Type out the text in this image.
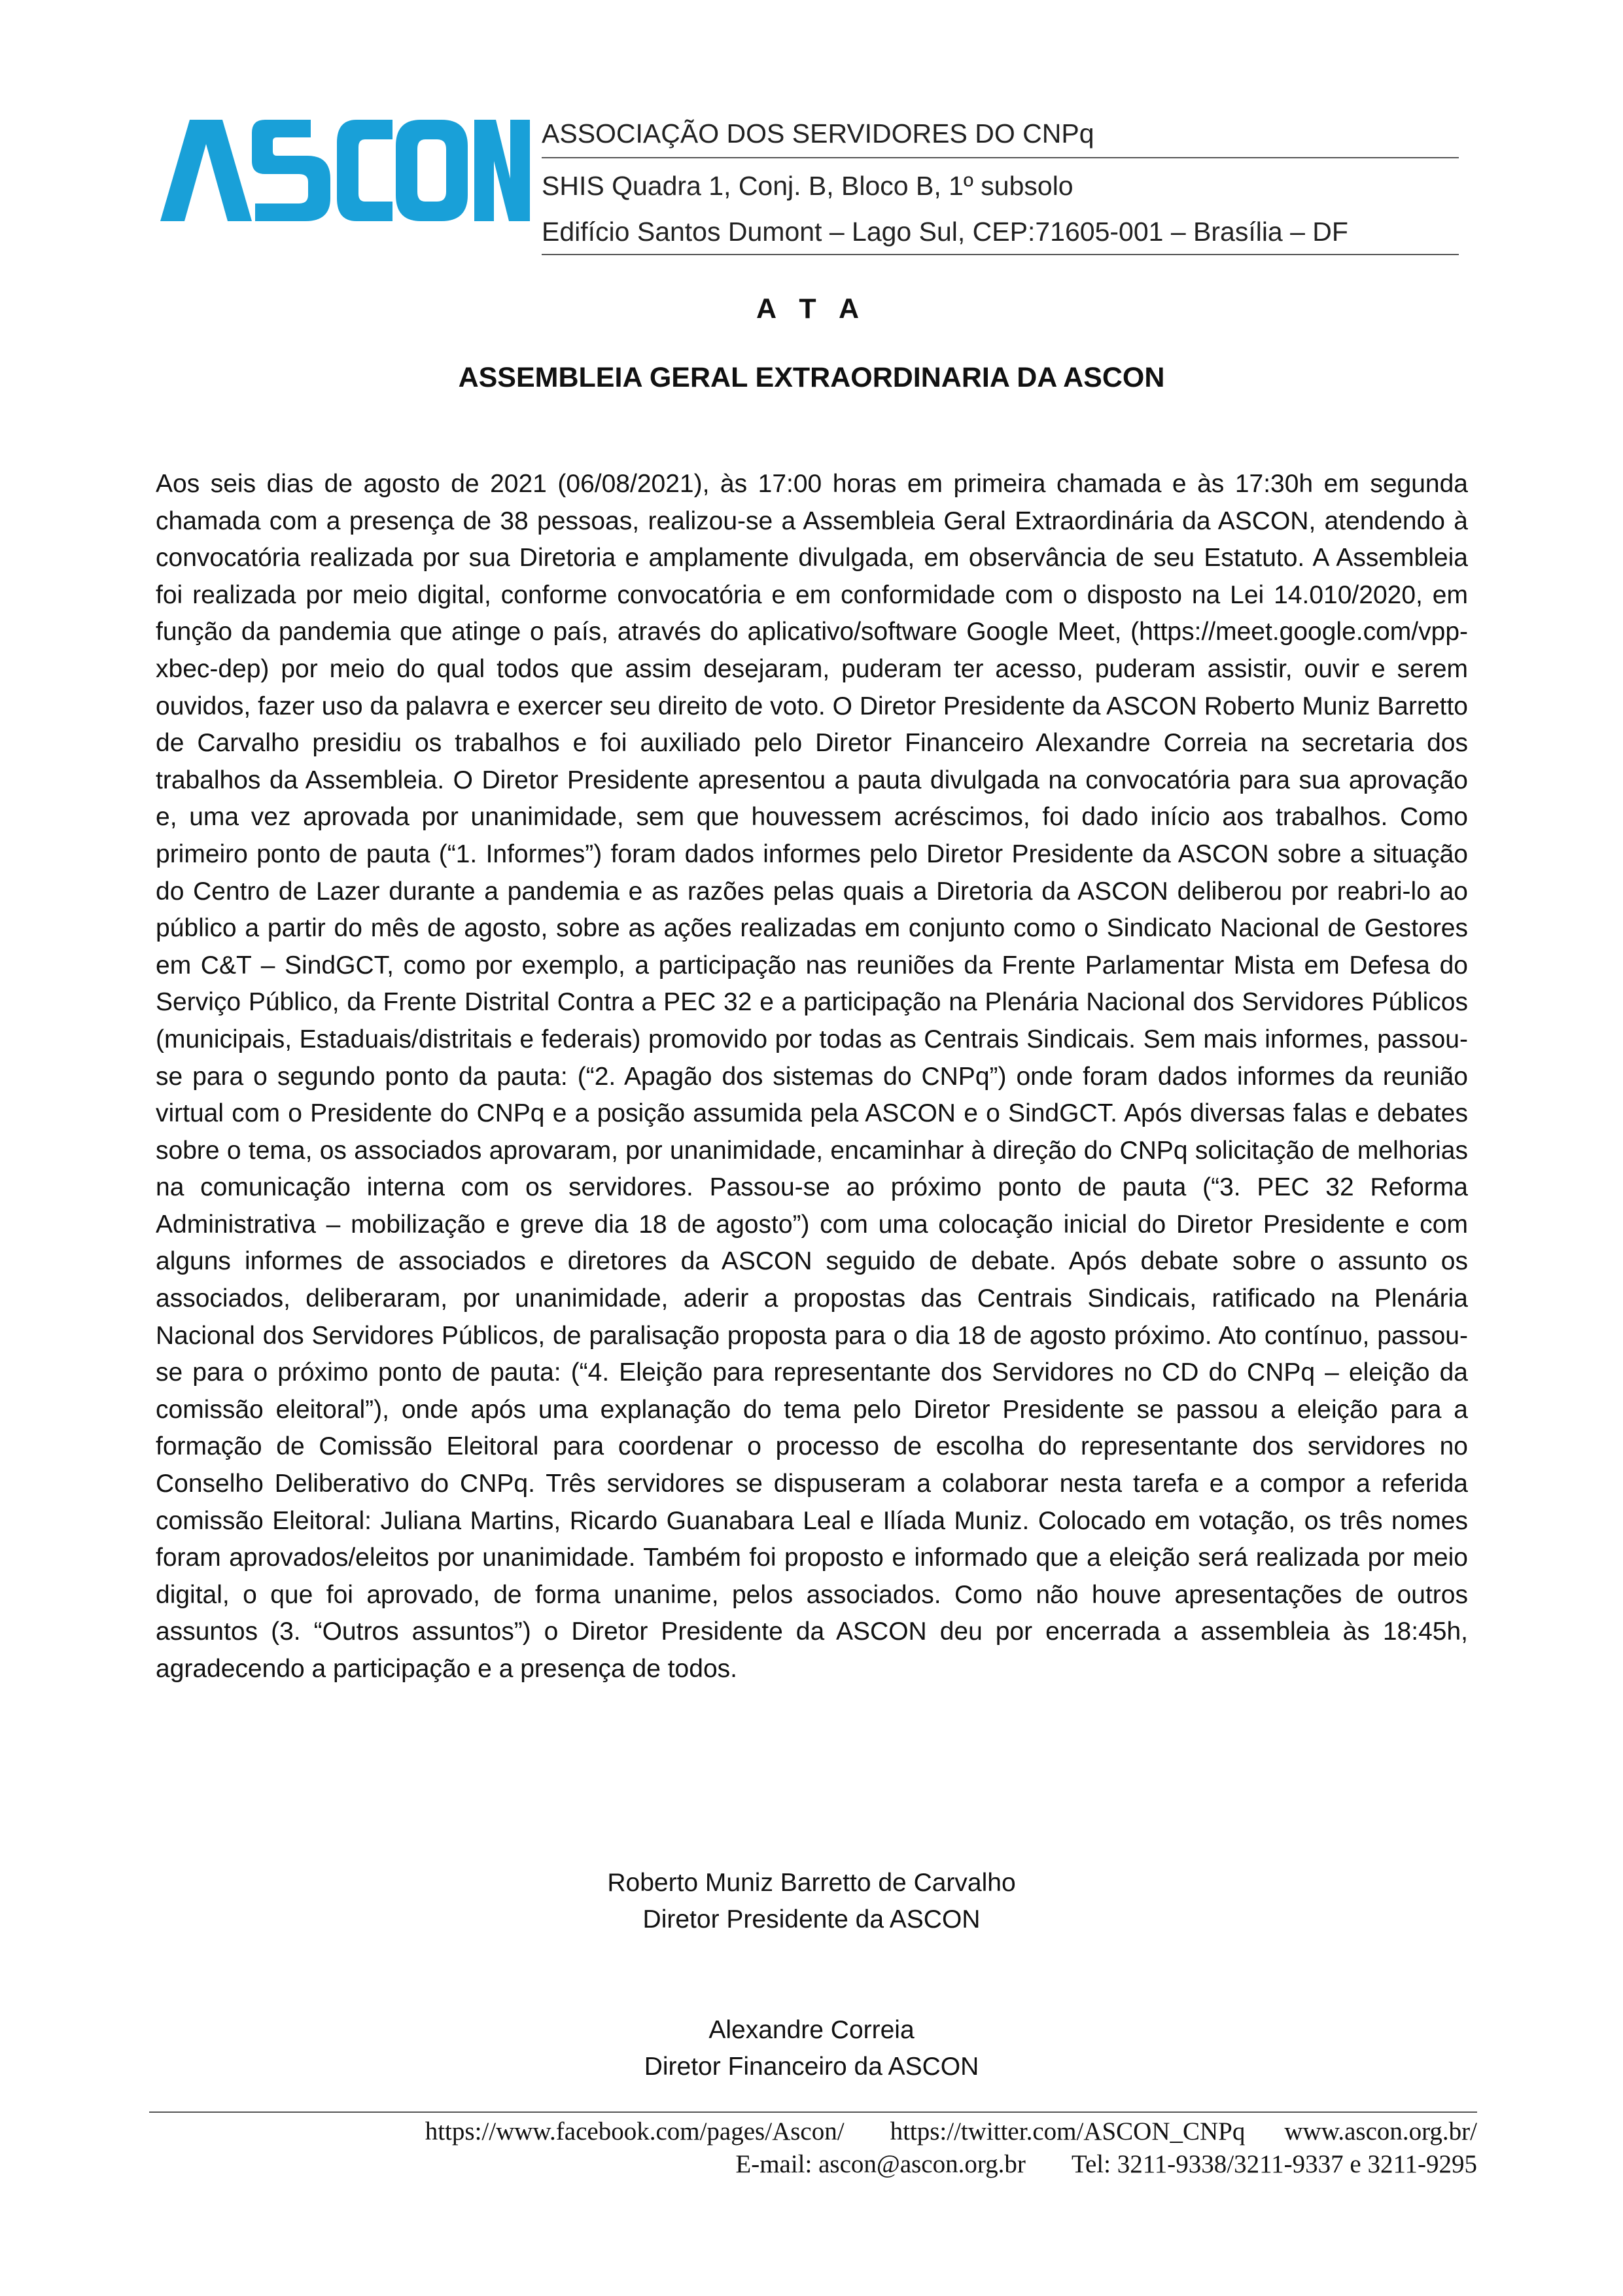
ASSOCIAÇÃO DOS SERVIDORES DO CNPq
SHIS Quadra 1, Conj. B, Bloco B, 1º subsolo
Edifício Santos Dumont – Lago Sul, CEP:71605-001 – Brasília – DF
A T A
ASSEMBLEIA GERAL EXTRAORDINARIA DA ASCON

Aos seis dias de agosto de 2021 (06/08/2021), às 17:00 horas em primeira chamada e às 17:30h em segunda chamada com a presença de 38 pessoas, realizou-se a Assembleia Geral Extraordinária da ASCON, atendendo à convocatória realizada por sua Diretoria e amplamente divulgada, em observância de seu Estatuto. A Assembleia foi realizada por meio digital, conforme convocatória e em conformidade com o disposto na Lei 14.010/2020, em função da pandemia que atinge o país, através do aplicativo/software Google Meet, (https://meet.google.com/vpp-xbec-dep) por meio do qual todos que assim desejaram, puderam ter acesso, puderam assistir, ouvir e serem ouvidos, fazer uso da palavra e exercer seu direito de voto. O Diretor Presidente da ASCON Roberto Muniz Barretto de Carvalho presidiu os trabalhos e foi auxiliado pelo Diretor Financeiro Alexandre Correia na secretaria dos trabalhos da Assembleia. O Diretor Presidente apresentou a pauta divulgada na convocatória para sua aprovação e, uma vez aprovada por unanimidade, sem que houvessem acréscimos, foi dado início aos trabalhos. Como primeiro ponto de pauta (“1. Informes”) foram dados informes pelo Diretor Presidente da ASCON sobre a situação do Centro de Lazer durante a pandemia e as razões pelas quais a Diretoria da ASCON deliberou por reabri-lo ao público a partir do mês de agosto, sobre as ações realizadas em conjunto como o Sindicato Nacional de Gestores em C&T – SindGCT, como por exemplo, a participação nas reuniões da Frente Parlamentar Mista em Defesa do Serviço Público, da Frente Distrital Contra a PEC 32 e a participação na Plenária Nacional dos Servidores Públicos (municipais, Estaduais/distritais e federais) promovido por todas as Centrais Sindicais. Sem mais informes, passou-se para o segundo ponto da pauta: (“2. Apagão dos sistemas do CNPq”) onde foram dados informes da reunião virtual com o Presidente do CNPq e a posição assumida pela ASCON e o SindGCT. Após diversas falas e debates sobre o tema, os associados aprovaram, por unanimidade, encaminhar à direção do CNPq solicitação de melhorias na comunicação interna com os servidores. Passou-se ao próximo ponto de pauta (“3. PEC 32 Reforma Administrativa – mobilização e greve dia 18 de agosto”) com uma colocação inicial do Diretor Presidente e com alguns informes de associados e diretores da ASCON seguido de debate. Após debate sobre o assunto os associados, deliberaram, por unanimidade, aderir a propostas das Centrais Sindicais, ratificado na Plenária Nacional dos Servidores Públicos, de paralisação proposta para o dia 18 de agosto próximo. Ato contínuo, passou-se para o próximo ponto de pauta: (“4. Eleição para representante dos Servidores no CD do CNPq – eleição da comissão eleitoral”), onde após uma explanação do tema pelo Diretor Presidente se passou a eleição para a formação de Comissão Eleitoral para coordenar o processo de escolha do representante dos servidores no Conselho Deliberativo do CNPq. Três servidores se dispuseram a colaborar nesta tarefa e a compor a referida comissão Eleitoral: Juliana Martins, Ricardo Guanabara Leal e Ilíada Muniz. Colocado em votação, os três nomes foram aprovados/eleitos por unanimidade. Também foi proposto e informado que a eleição será realizada por meio digital, o que foi aprovado, de forma unanime, pelos associados. Como não houve apresentações de outros assuntos (3. “Outros assuntos”) o Diretor Presidente da ASCON deu por encerrada a assembleia às 18:45h, agradecendo a participação e a presença de todos.

Roberto Muniz Barretto de Carvalho
Diretor Presidente da ASCON
Alexandre Correia
Diretor Financeiro da ASCON
https://www.facebook.com/pages/Ascon/ https://twitter.com/ASCON_CNPq www.ascon.org.br/
E-mail: ascon@ascon.org.br Tel: 3211-9338/3211-9337 e 3211-9295
